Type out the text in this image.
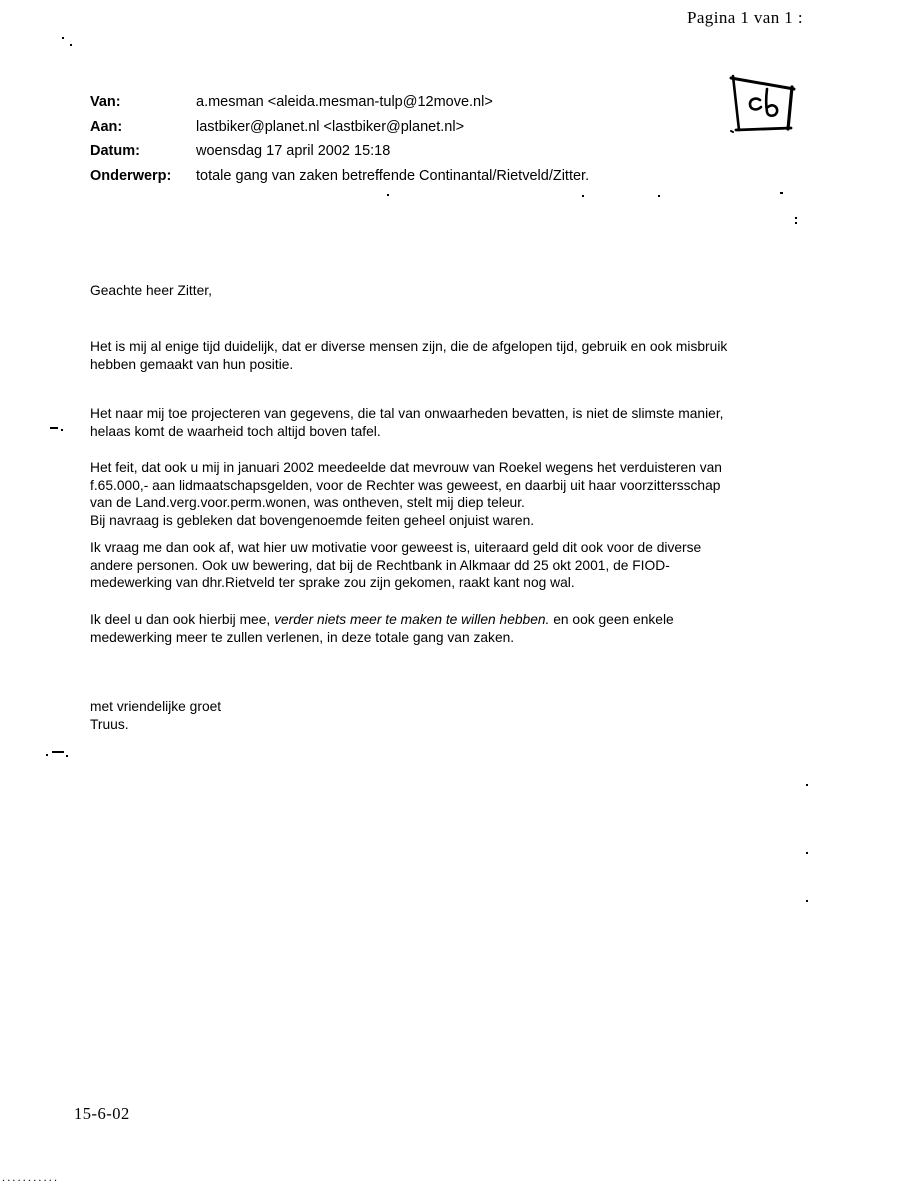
Pagina 1 van 1 :
Van:	a.mesman <aleida.mesman-tulp@12move.nl>
Aan:	lastbiker@planet.nl <lastbiker@planet.nl>
Datum:	woensdag 17 april 2002 15:18
Onderwerp: totale gang van zaken betreffende Continantal/Rietveld/Zitter.
Geachte heer Zitter,
Het is mij al enige tijd duidelijk, dat er diverse mensen zijn, die de afgelopen tijd, gebruik en ook misbruik
hebben gemaakt van hun positie.
Het naar mij toe projecteren van gegevens, die tal van onwaarheden bevatten, is niet de slimste manier,
helaas komt de waarheid toch altijd boven tafel.
Het feit, dat ook u mij in januari 2002 meedeelde dat mevrouw van Roekel wegens het verduisteren van
f.65.000,- aan lidmaatschapsgelden, voor de Rechter was geweest, en daarbij uit haar voorzittersschap
van de Land.verg.voor.perm.wonen, was ontheven, stelt mij diep teleur.
Bij navraag is gebleken dat bovengenoemde feiten geheel onjuist waren.
Ik vraag me dan ook af, wat hier uw motivatie voor geweest is, uiteraard geld dit ook voor de diverse
andere personen. Ook uw bewering, dat bij de Rechtbank in Alkmaar dd 25 okt 2001, de FIOD-
medewerking van dhr.Rietveld ter sprake zou zijn gekomen, raakt kant nog wal.
Ik deel u dan ook hierbij mee, verder niets meer te maken te willen hebben. en ook geen enkele
medewerking meer te zullen verlenen, in deze totale gang van zaken.
met vriendelijke groet
Truus.
15-6-02
...........
